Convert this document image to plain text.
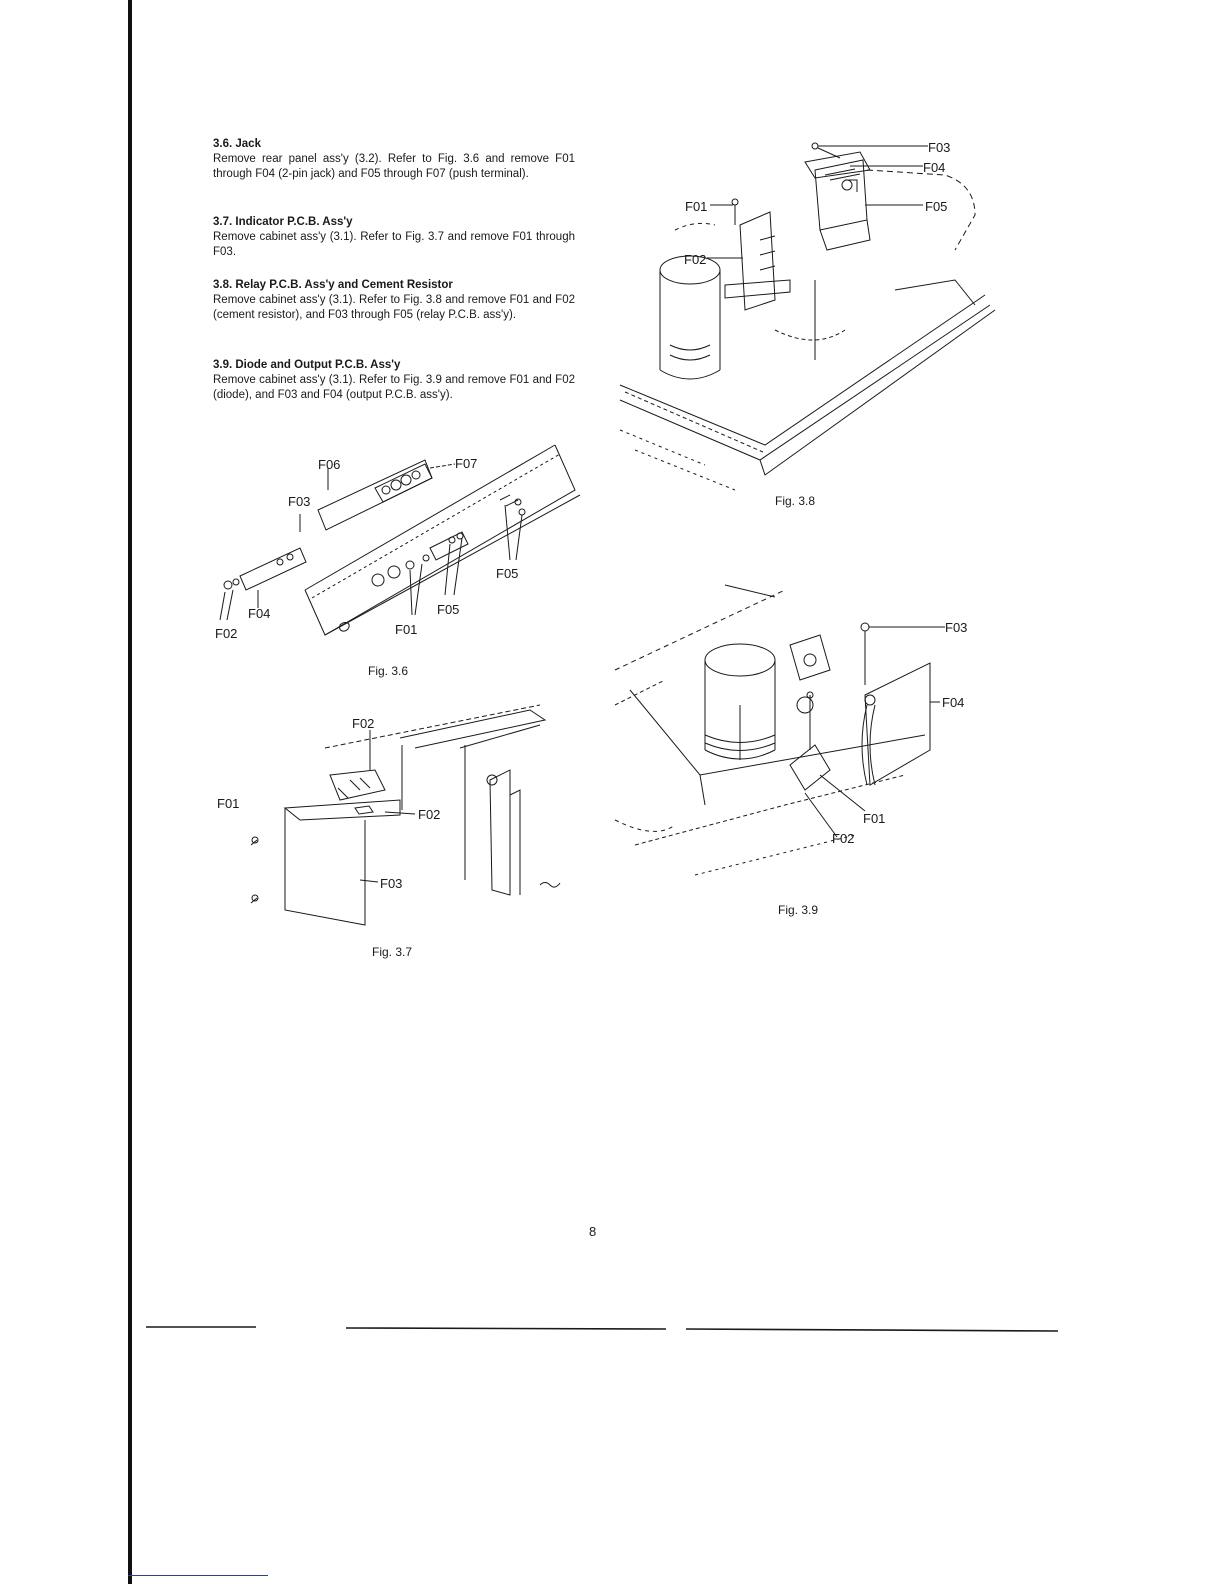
3.6. Jack
Remove rear panel ass'y (3.2). Refer to Fig. 3.6 and remove F01 through F04 (2-pin jack) and F05 through F07 (push terminal).
3.7. Indicator P.C.B. Ass'y
Remove cabinet ass'y (3.1). Refer to Fig. 3.7 and remove F01 through F03.
3.8. Relay P.C.B. Ass'y and Cement Resistor
Remove cabinet ass'y (3.1). Refer to Fig. 3.8 and remove F01 and F02 (cement resistor), and F03 through F05 (relay P.C.B. ass'y).
3.9. Diode and Output P.C.B. Ass'y
Remove cabinet ass'y (3.1). Refer to Fig. 3.9 and remove F01 and F02 (diode), and F03 and F04 (output P.C.B. ass'y).
F06	F07
F03
F04
F02
F05
F01
F05
Fig. 3.6
F02
F01
F02
F03
Fig. 3.7
F03
F04
F01	F05
F02
Fig. 3.8
F03
F04
F01
F02
Fig. 3.9
8
